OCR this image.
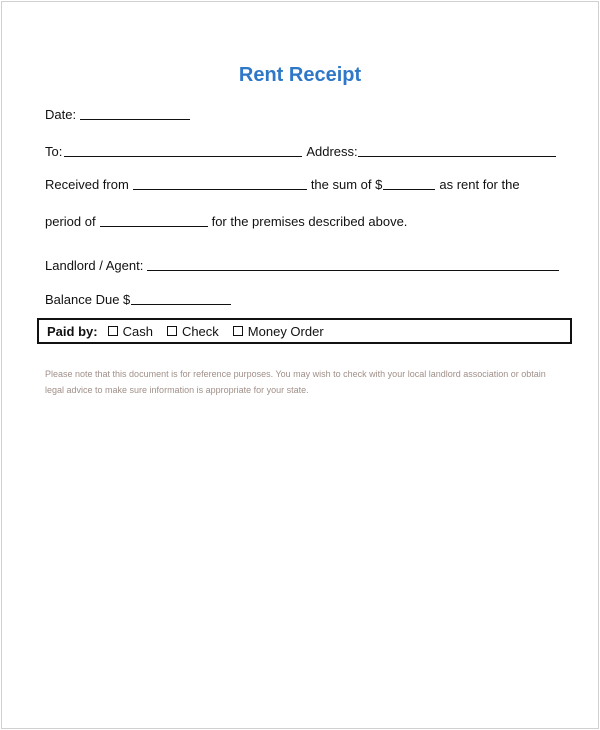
Rent Receipt
Date:
To:	Address:
Received from	the sum of $	as rent for the
period of	for the premises described above.
Landlord / Agent:
Balance Due $
Paid by: Cash Check Money Order
Please note that this document is for reference purposes. You may wish to check with your local landlord association or obtain legal advice to make sure information is appropriate for your state.
